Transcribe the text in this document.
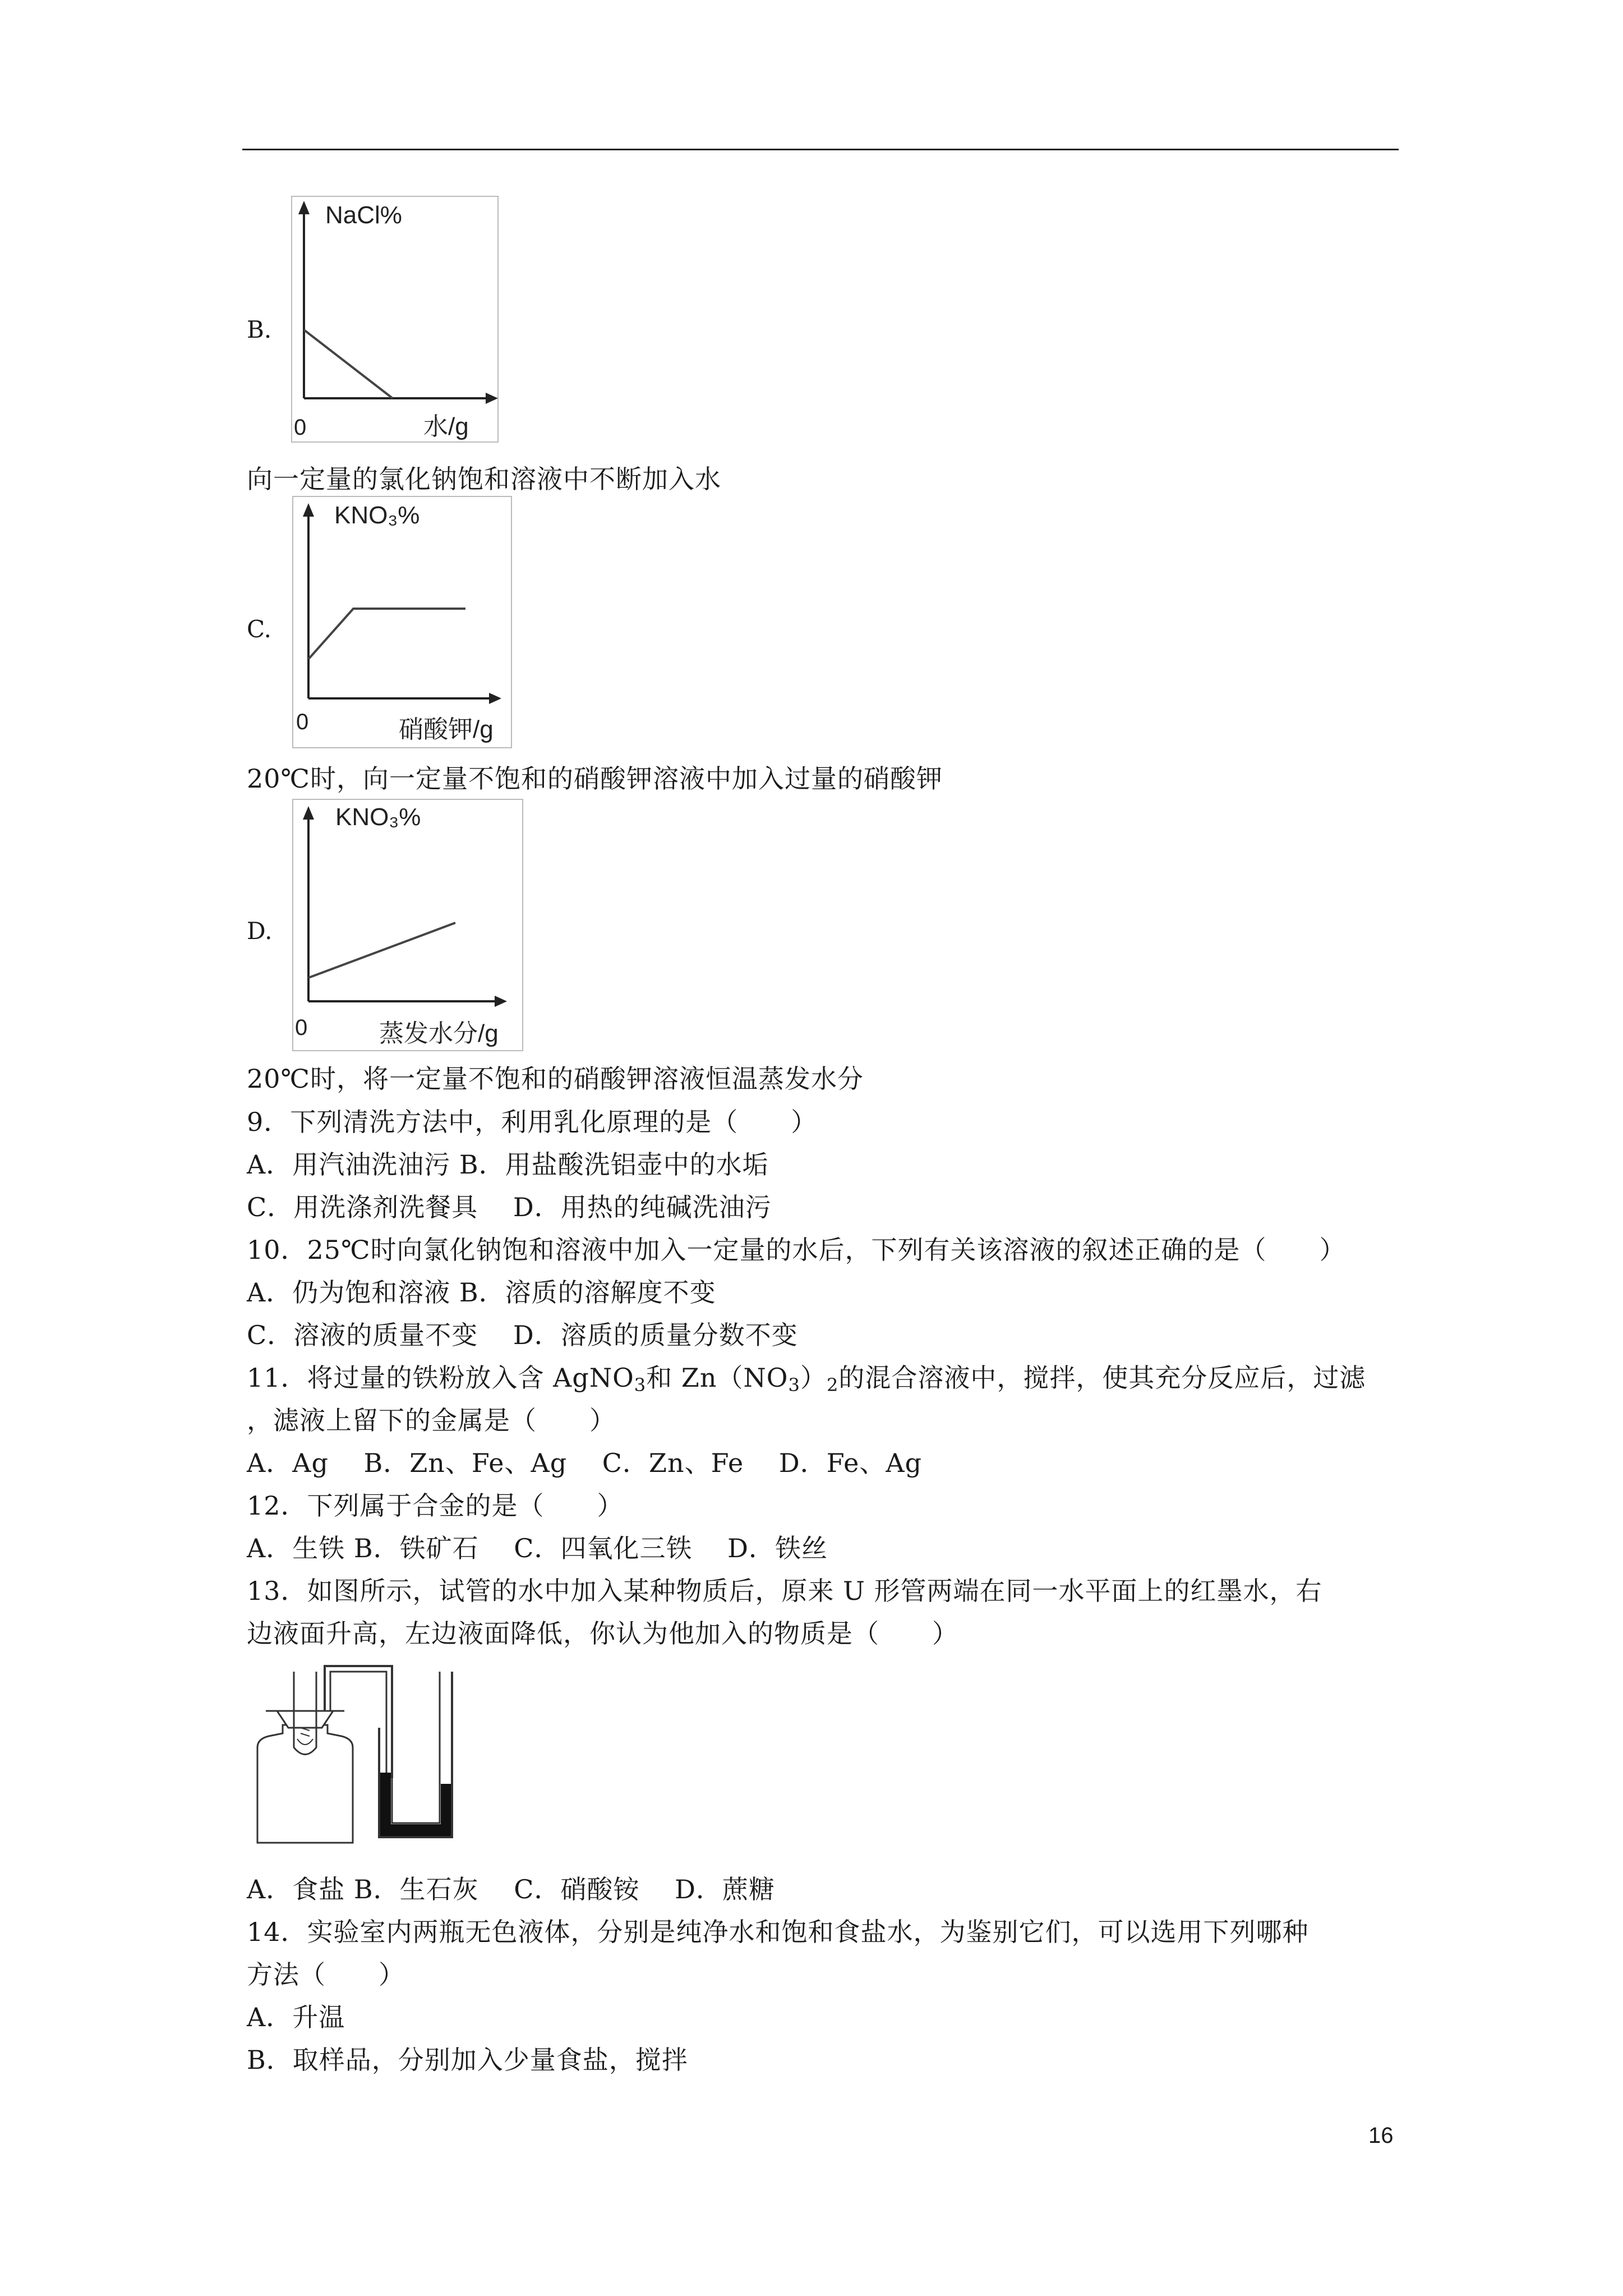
B.
NaCl%
水/g
0
向一定量的氯化钠饱和溶液中不断加入水
C.
KNO₃%
硝酸钾/g
0
20℃时，向一定量不饱和的硝酸钾溶液中加入过量的硝酸钾
D.
KNO₃%
蒸发水分/g
0
20℃时，将一定量不饱和的硝酸钾溶液恒温蒸发水分
9．下列清洗方法中，利用乳化原理的是（　　）
A．用汽油洗油污 B．用盐酸洗铝壶中的水垢
C．用洗涤剂洗餐具　 D．用热的纯碱洗油污
10．25℃时向氯化钠饱和溶液中加入一定量的水后，下列有关该溶液的叙述正确的是（　　）
A．仍为饱和溶液 B．溶质的溶解度不变
C．溶液的质量不变　 D．溶质的质量分数不变
11．将过量的铁粉放入含 AgNO$_3$和 $Zn(NO_3)_2$的混合溶液中，搅拌，使其充分反应后，过滤
，滤液上留下的金属是（　　）
A．Ag　 B．Zn、Fe、Ag　 C．Zn、Fe　 D．Fe、Ag
12．下列属于合金的是（　　）
A．生铁 B．铁矿石　 C．四氧化三铁　 D．铁丝
13．如图所示，试管的水中加入某种物质后，原来 U 形管两端在同一水平面上的红墨水，右
边液面升高，左边液面降低，你认为他加入的物质是（　　）
A．食盐 B．生石灰　 C．硝酸铵　 D．蔗糖
14．实验室内两瓶无色液体，分别是纯净水和饱和食盐水，为鉴别它们，可以选用下列哪种
方法（　　）
A．升温
B．取样品，分别加入少量食盐，搅拌
16
